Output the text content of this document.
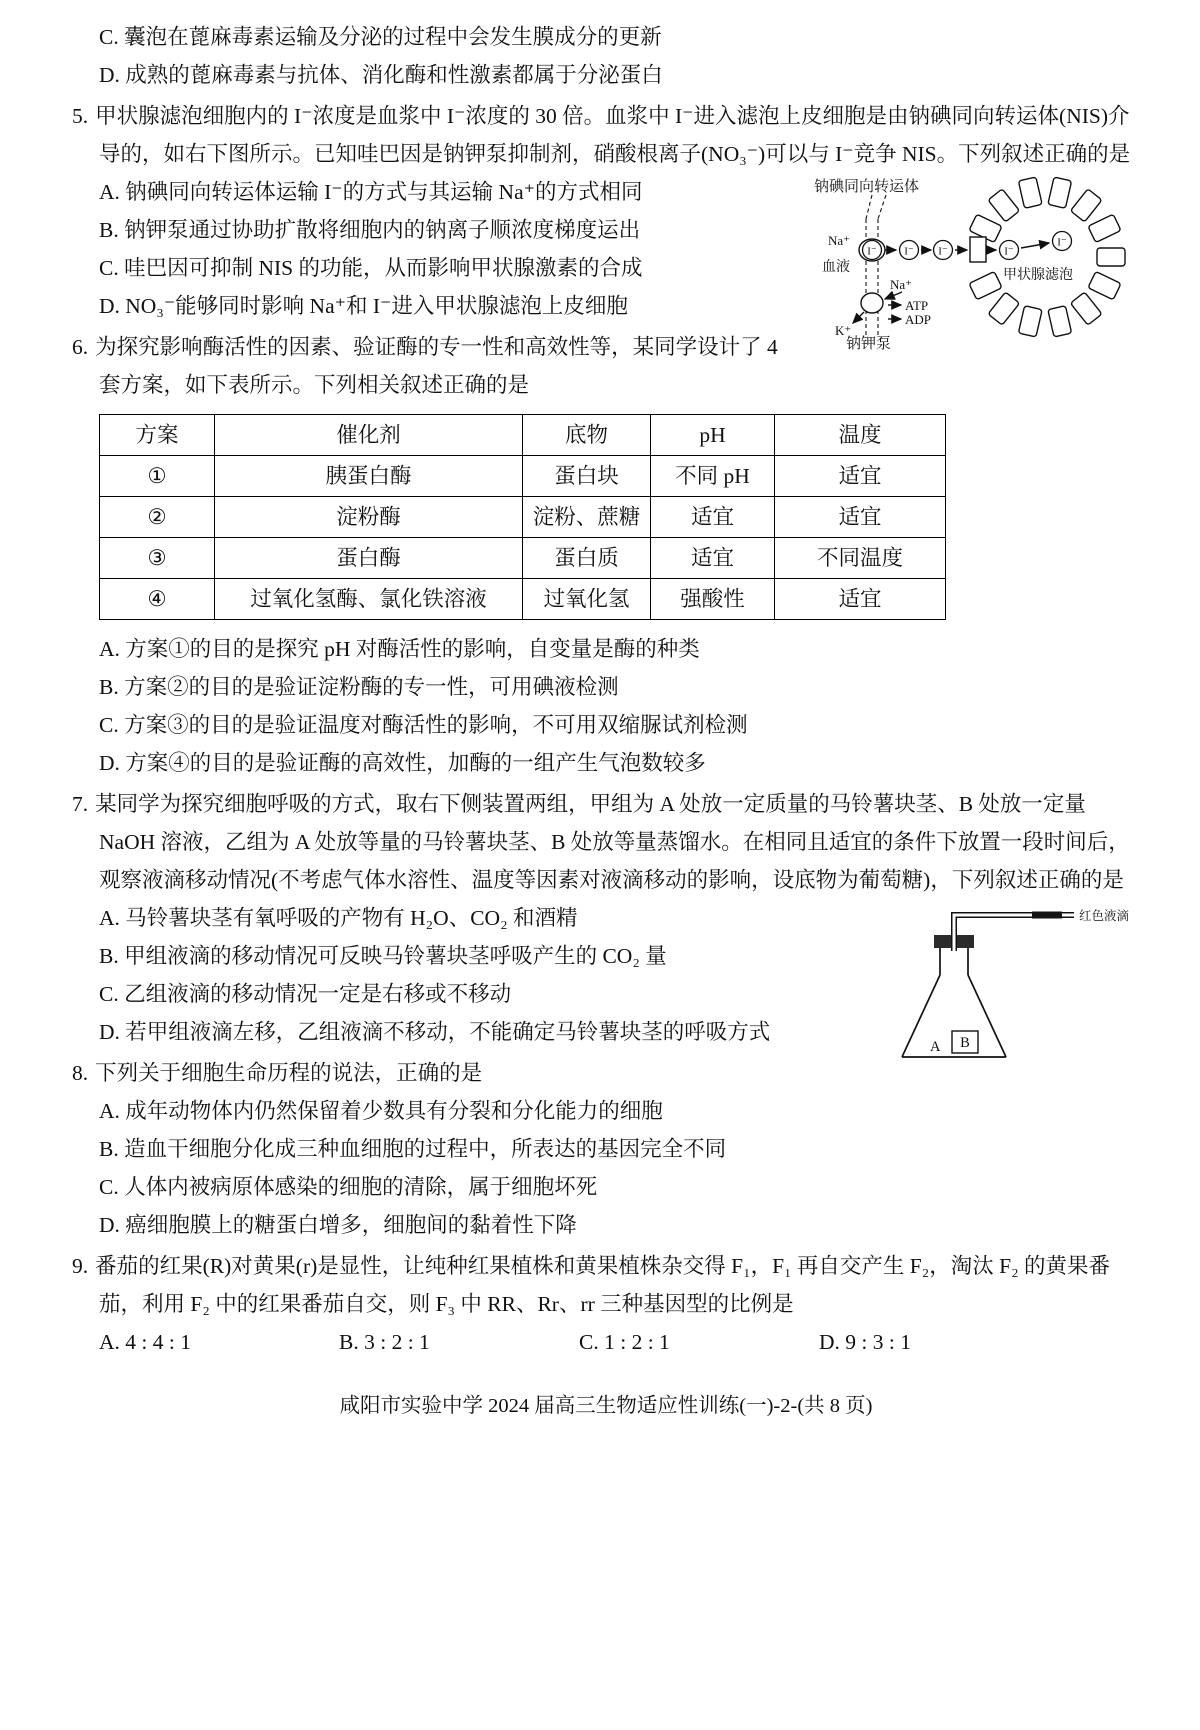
C. 囊泡在蓖麻毒素运输及分泌的过程中会发生膜成分的更新
D. 成熟的蓖麻毒素与抗体、消化酶和性激素都属于分泌蛋白

5. 甲状腺滤泡细胞内的 I⁻浓度是血浆中 I⁻浓度的 30 倍。血浆中 I⁻进入滤泡上皮细胞是由钠碘同向转运体(NIS)介导的，如右下图所示。已知哇巴因是钠钾泵抑制剂，硝酸根离子(NO₃⁻)可以与 I⁻竞争 NIS。下列叙述正确的是

钠碘同向转运体
I⁻	I⁻ I⁻	I⁻
I⁻
Na⁺
血液
Na⁺
ATP
ADP
K⁺
钠钾泵
甲状腺滤泡
A. 钠碘同向转运体运输 I⁻的方式与其运输 Na⁺的方式相同
B. 钠钾泵通过协助扩散将细胞内的钠离子顺浓度梯度运出
C. 哇巴因可抑制 NIS 的功能，从而影响甲状腺激素的合成
D. NO₃⁻能够同时影响 Na⁺和 I⁻进入甲状腺滤泡上皮细胞

6. 为探究影响酶活性的因素、验证酶的专一性和高效性等，某同学设计了 4 套方案，如下表所示。下列相关叙述正确的是

方案	催化剂	底物	pH	温度
①	胰蛋白酶	蛋白块	不同 pH	适宜
②	淀粉酶	淀粉、蔗糖	适宜	适宜
③	蛋白酶	蛋白质	适宜	不同温度
④	过氧化氢酶、氯化铁溶液	过氧化氢	强酸性	适宜
A. 方案①的目的是探究 pH 对酶活性的影响，自变量是酶的种类
B. 方案②的目的是验证淀粉酶的专一性，可用碘液检测
C. 方案③的目的是验证温度对酶活性的影响，不可用双缩脲试剂检测
D. 方案④的目的是验证酶的高效性，加酶的一组产生气泡数较多

7. 某同学为探究细胞呼吸的方式，取右下侧装置两组，甲组为 A 处放一定质量的马铃薯块茎、B 处放一定量 NaOH 溶液，乙组为 A 处放等量的马铃薯块茎、B 处放等量蒸馏水。在相同且适宜的条件下放置一段时间后，观察液滴移动情况(不考虑气体水溶性、温度等因素对液滴移动的影响，设底物为葡萄糖)，下列叙述正确的是

红色液滴
A B
A. 马铃薯块茎有氧呼吸的产物有 H₂O、CO₂ 和酒精
B. 甲组液滴的移动情况可反映马铃薯块茎呼吸产生的 CO₂ 量
C. 乙组液滴的移动情况一定是右移或不移动
D. 若甲组液滴左移，乙组液滴不移动，不能确定马铃薯块茎的呼吸方式

8. 下列关于细胞生命历程的说法，正确的是

A. 成年动物体内仍然保留着少数具有分裂和分化能力的细胞
B. 造血干细胞分化成三种血细胞的过程中，所表达的基因完全不同
C. 人体内被病原体感染的细胞的清除，属于细胞坏死
D. 癌细胞膜上的糖蛋白增多，细胞间的黏着性下降

9. 番茄的红果(R)对黄果(r)是显性，让纯种红果植株和黄果植株杂交得 F₁，F₁ 再自交产生 F₂，淘汰 F₂ 的黄果番茄，利用 F₂ 中的红果番茄自交，则 F₃ 中 RR、Rr、rr 三种基因型的比例是

A. 4 : 4 : 1	B. 3 : 2 : 1	C. 1 : 2 : 1	D. 9 : 3 : 1
咸阳市实验中学 2024 届高三生物适应性训练(一)-2-(共 8 页)
